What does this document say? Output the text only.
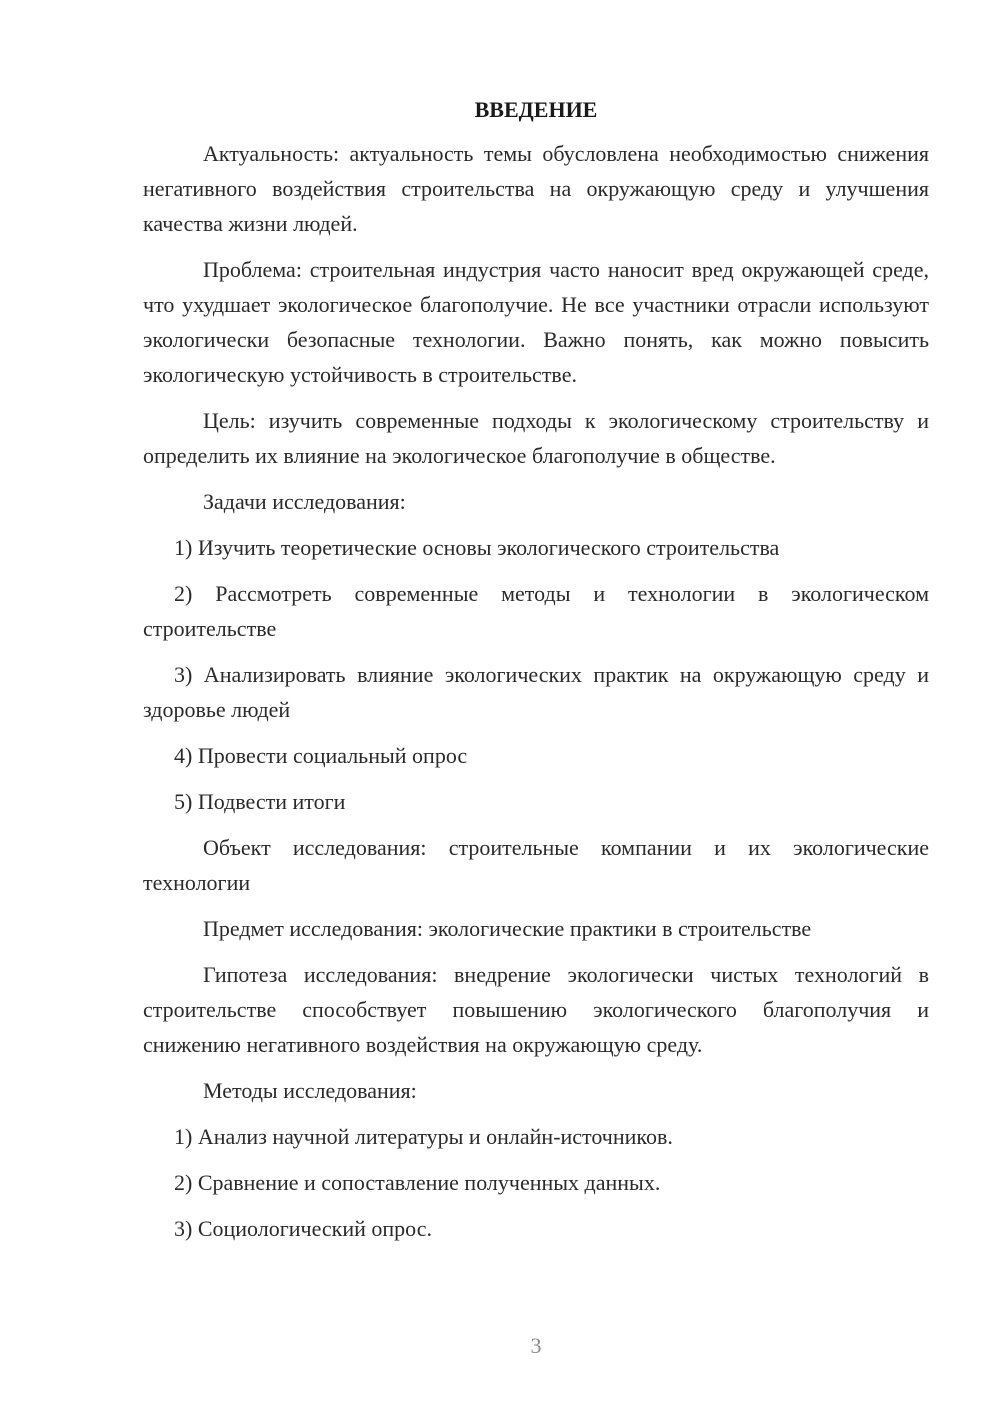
ВВЕДЕНИЕ

Актуальность: актуальность темы обусловлена необходимостью снижения негативного воздействия строительства на окружающую среду и улучшения качества жизни людей.

Проблема: строительная индустрия часто наносит вред окружающей среде, что ухудшает экологическое благополучие. Не все участники отрасли используют экологически безопасные технологии. Важно понять, как можно повысить экологическую устойчивость в строительстве.

Цель: изучить современные подходы к экологическому строительству и определить их влияние на экологическое благополучие в обществе.

Задачи исследования:

1) Изучить теоретические основы экологического строительства

2) Рассмотреть современные методы и технологии в экологическом строительстве

3) Анализировать влияние экологических практик на окружающую среду и здоровье людей

4) Провести социальный опрос

5) Подвести итоги

Объект исследования: строительные компании и их экологические технологии

Предмет исследования: экологические практики в строительстве

Гипотеза исследования: внедрение экологически чистых технологий в строительстве способствует повышению экологического благополучия и снижению негативного воздействия на окружающую среду.

Методы исследования:

1) Анализ научной литературы и онлайн-источников.

2) Сравнение и сопоставление полученных данных.

3) Социологический опрос.

3
